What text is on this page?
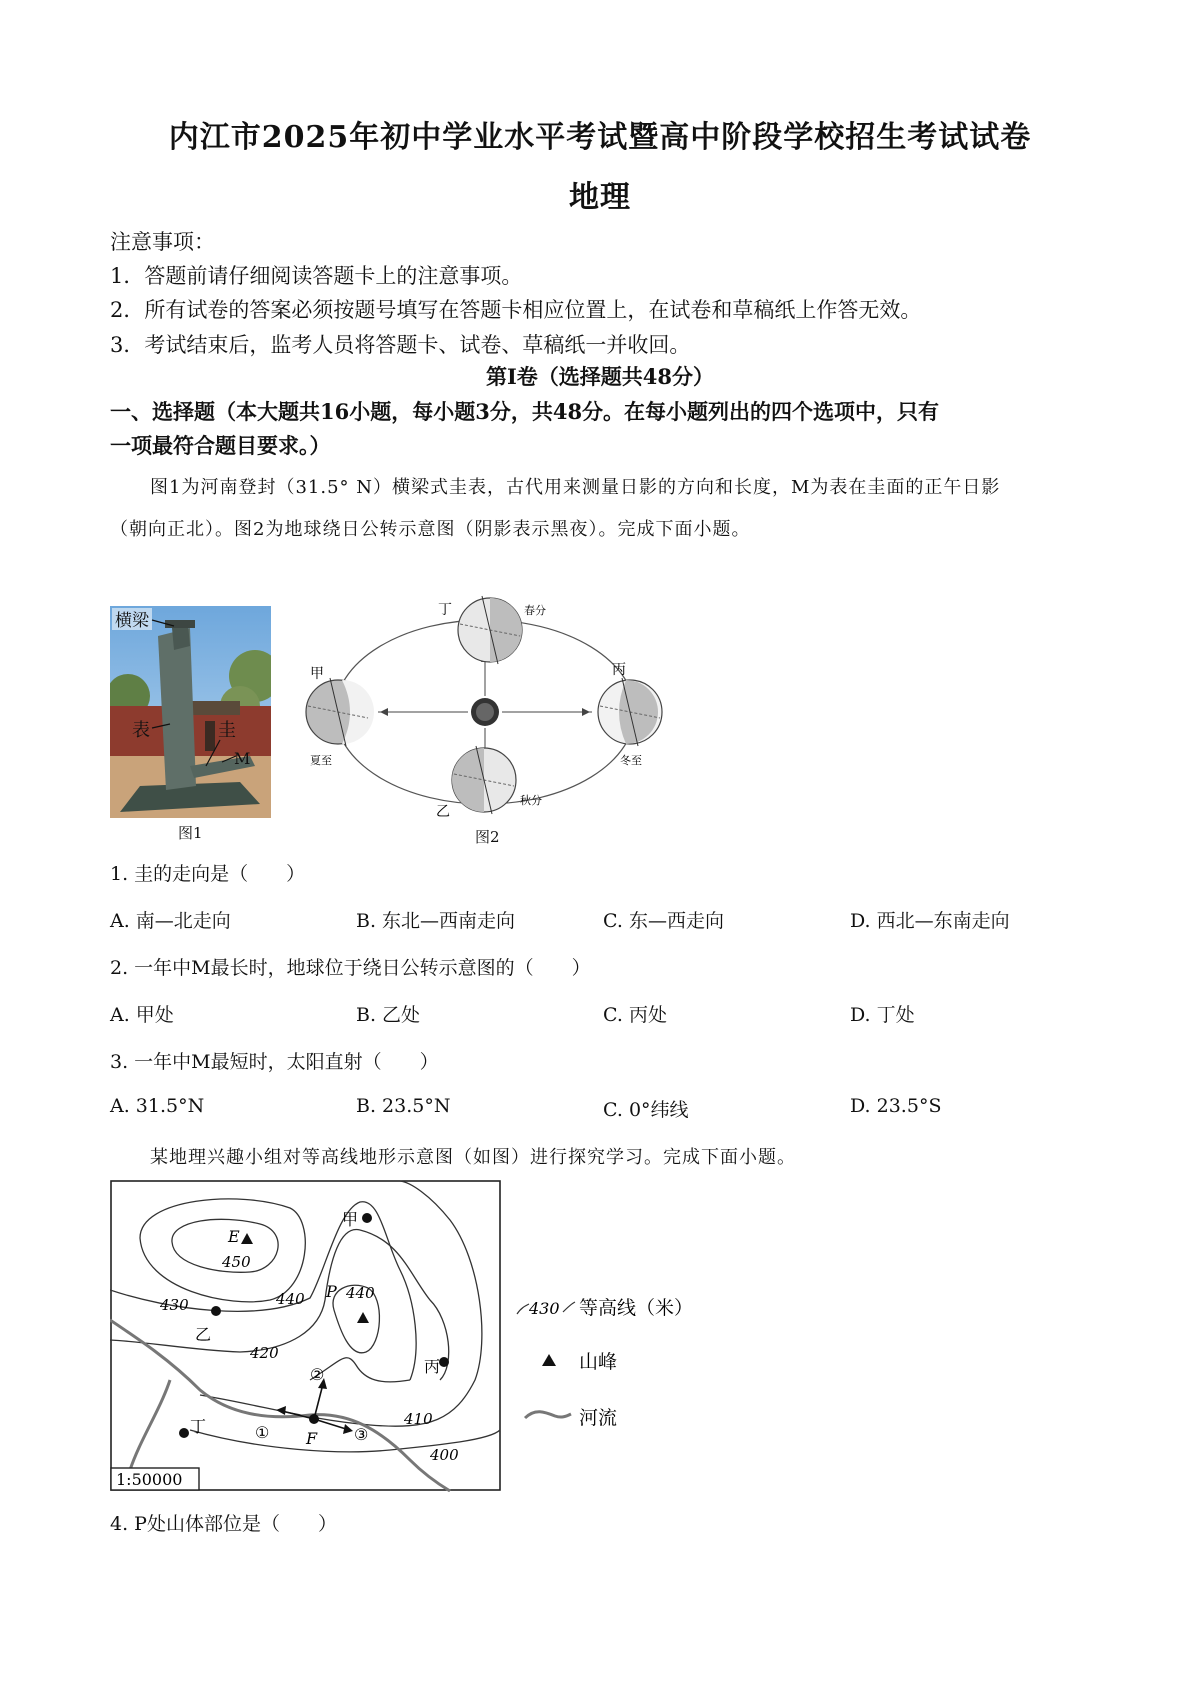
内江市2025年初中学业水平考试暨高中阶段学校招生考试试卷
地理
注意事项：
1．答题前请仔细阅读答题卡上的注意事项。
2．所有试卷的答案必须按题号填写在答题卡相应位置上，在试卷和草稿纸上作答无效。
3．考试结束后，监考人员将答题卡、试卷、草稿纸一并收回。
第Ⅰ卷（选择题共48分）
一、选择题（本大题共16小题，每小题3分，共48分。在每小题列出的四个选项中，只有
一项最符合题目要求。）
图1为河南登封（31.5° N）横梁式圭表，古代用来测量日影的方向和长度，M为表在圭面的正午日影
（朝向正北）。图2为地球绕日公转示意图（阴影表示黑夜）。完成下面小题。
横梁
表	圭
M
图1
丁	春分
甲
夏至
丙
冬至
乙
秋分
图2
1. 圭的走向是（　　）
A. 南—北走向	B. 东北—西南走向	C. 东—西走向	D. 西北—东南走向
2. 一年中M最长时，地球位于绕日公转示意图的（　　）
A. 甲处	B. 乙处	C. 丙处	D. 丁处
3. 一年中M最短时，太阳直射（　　）
A. 31.5°N	B. 23.5°N	C. 0°纬线	D. 23.5°S
某地理兴趣小组对等高线地形示意图（如图）进行探究学习。完成下面小题。
E
甲
P
乙
丙
丁
F
①
②
③
450
440
430
440
420
410
400
1:50000
430 等高线（米）
山峰
河流
4. P处山体部位是（　　）
